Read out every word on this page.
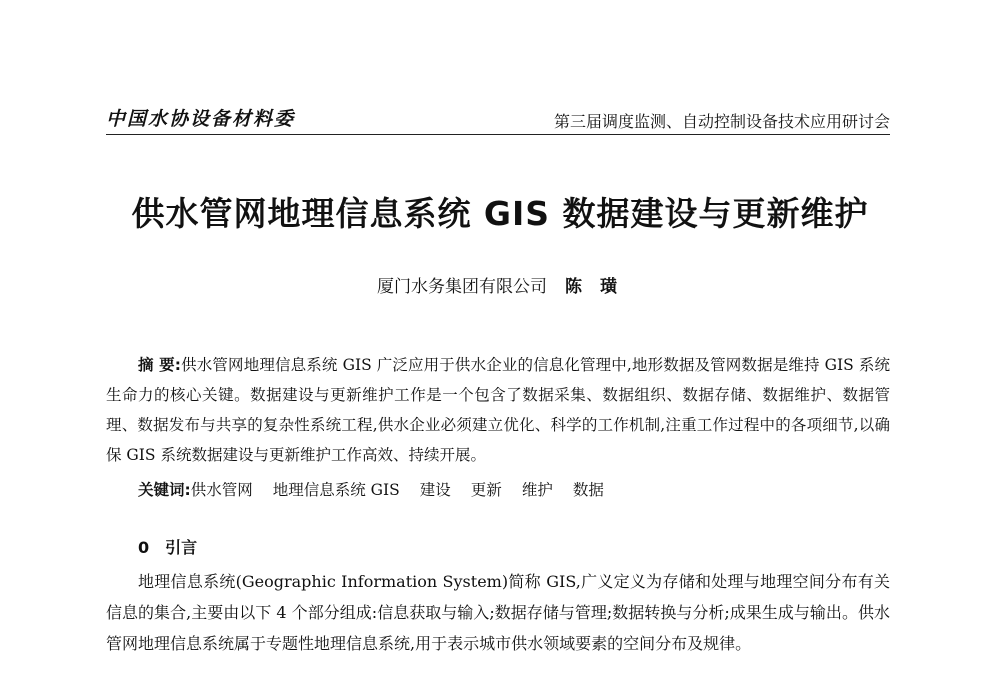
中国水协设备材料委	第三届调度监测、自动控制设备技术应用研讨会
供水管网地理信息系统 GIS 数据建设与更新维护
厦门水务集团有限公司 陈 璜
摘 要:供水管网地理信息系统 GIS 广泛应用于供水企业的信息化管理中,地形数据及管网数据是维持 GIS 系统生命力的核心关键。数据建设与更新维护工作是一个包含了数据采集、数据组织、数据存储、数据维护、数据管理、数据发布与共享的复杂性系统工程,供水企业必须建立优化、科学的工作机制,注重工作过程中的各项细节,以确保 GIS 系统数据建设与更新维护工作高效、持续开展。
关键词:供水管网 地理信息系统 GIS 建设 更新 维护 数据
0 引言
地理信息系统(Geographic Information System)简称 GIS,广义定义为存储和处理与地理空间分布有关信息的集合,主要由以下 4 个部分组成:信息获取与输入;数据存储与管理;数据转换与分析;成果生成与输出。供水管网地理信息系统属于专题性地理信息系统,用于表示城市供水领域要素的空间分布及规律。
